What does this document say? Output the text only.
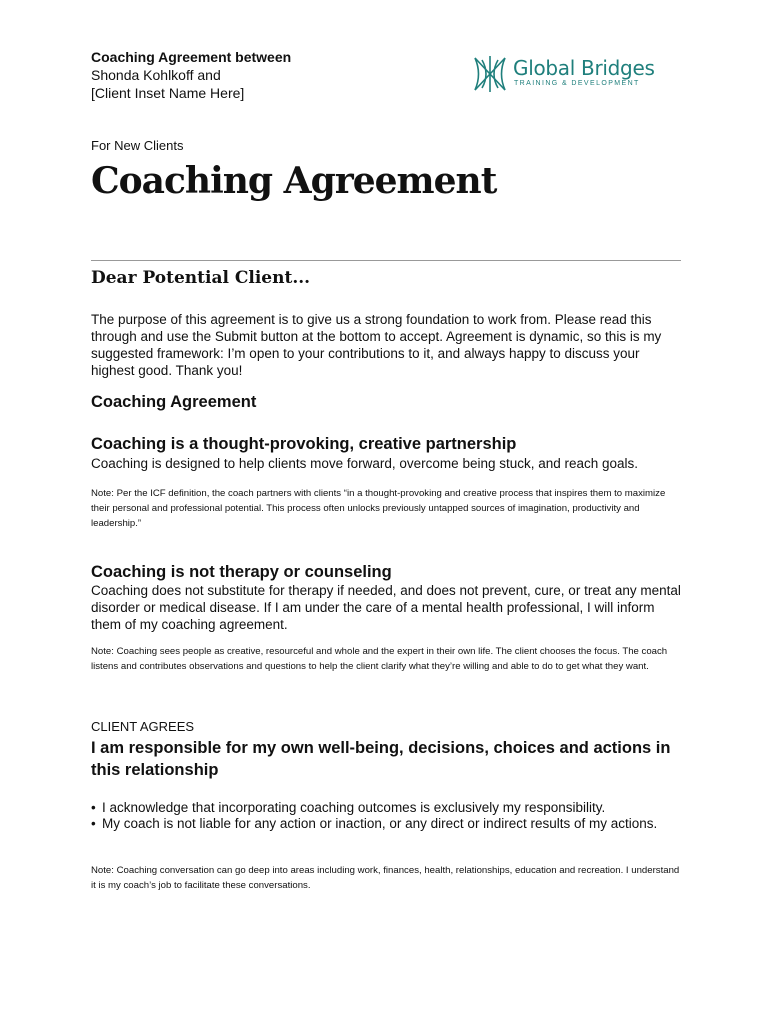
Coaching Agreement between
Shonda Kohlkoff and
[Client Inset Name Here]
Global Bridges
TRAINING & DEVELOPMENT
For New Clients
Coaching Agreement
Dear Potential Client...
The purpose of this agreement is to give us a strong foundation to work from. Please read this through and use the Submit button at the bottom to accept. Agreement is dynamic, so this is my suggested framework: I’m open to your contributions to it, and always happy to discuss your highest good. Thank you!
Coaching Agreement
Coaching is a thought-provoking, creative partnership
Coaching is designed to help clients move forward, overcome being stuck, and reach goals.
Note: Per the ICF definition, the coach partners with clients “in a thought-provoking and creative process that inspires them to maximize their personal and professional potential. This process often unlocks previously untapped sources of imagination, productivity and leadership.”
Coaching is not therapy or counseling
Coaching does not substitute for therapy if needed, and does not prevent, cure, or treat any mental disorder or medical disease. If I am under the care of a mental health professional, I will inform them of my coaching agreement.
Note: Coaching sees people as creative, resourceful and whole and the expert in their own life. The client chooses the focus. The coach listens and contributes observations and questions to help the client clarify what they’re willing and able to do to get what they want.
CLIENT AGREES
I am responsible for my own well-being, decisions, choices and actions in this relationship
• I acknowledge that incorporating coaching outcomes is exclusively my responsibility.
• My coach is not liable for any action or inaction, or any direct or indirect results of my actions.
Note: Coaching conversation can go deep into areas including work, finances, health, relationships, education and recreation. I understand it is my coach’s job to facilitate these conversations.
